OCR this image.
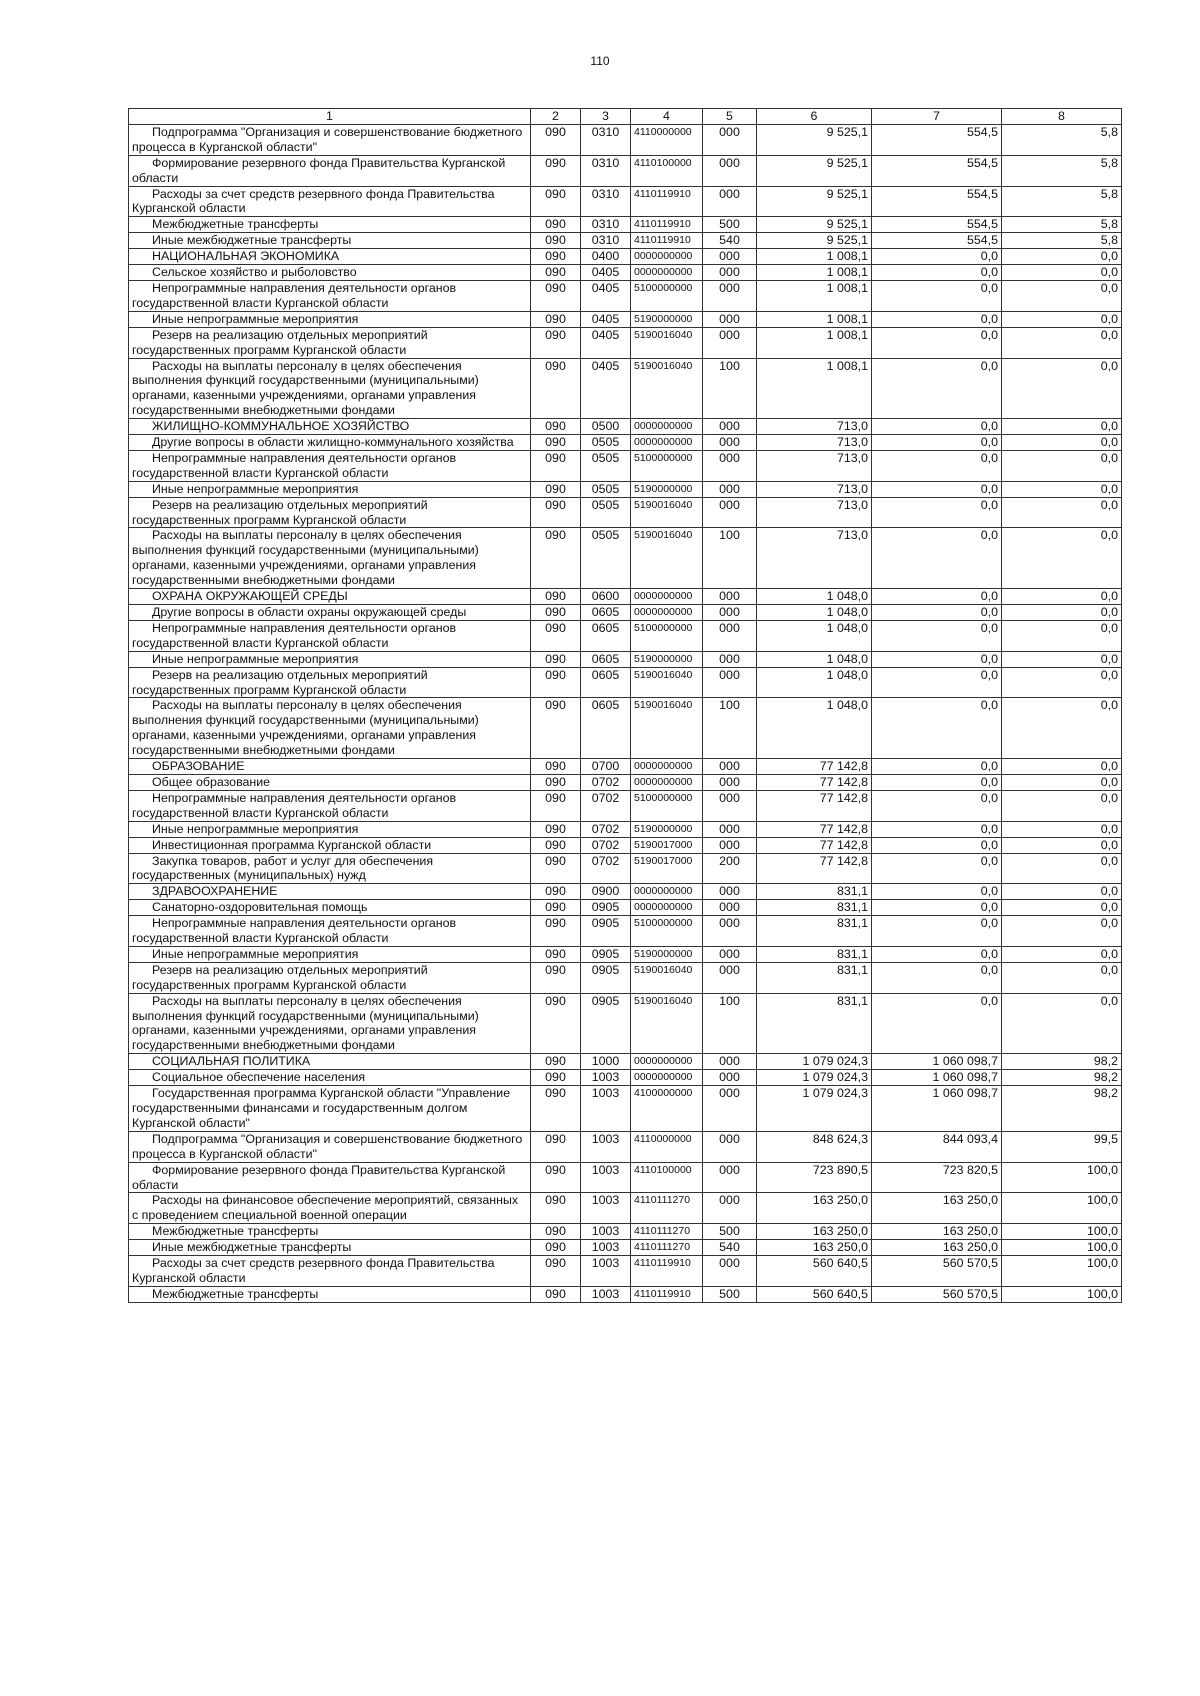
110
1	2	3	4	5	6	7	8
Подпрограмма "Организация и совершенствование бюджетного процесса в Курганской области"	090	0310	4110000000	000	9 525,1	554,5	5,8
Формирование резервного фонда Правительства Курганской области	090	0310	4110100000	000	9 525,1	554,5	5,8
Расходы за счет средств резервного фонда Правительства Курганской области	090	0310	4110119910	000	9 525,1	554,5	5,8
Межбюджетные трансферты	090	0310	4110119910	500	9 525,1	554,5	5,8
Иные межбюджетные трансферты	090	0310	4110119910	540	9 525,1	554,5	5,8
НАЦИОНАЛЬНАЯ ЭКОНОМИКА	090	0400	0000000000	000	1 008,1	0,0	0,0
Сельское хозяйство и рыболовство	090	0405	0000000000	000	1 008,1	0,0	0,0
Непрограммные направления деятельности органов государственной власти Курганской области	090	0405	5100000000	000	1 008,1	0,0	0,0
Иные непрограммные мероприятия	090	0405	5190000000	000	1 008,1	0,0	0,0
Резерв на реализацию отдельных мероприятий государственных программ Курганской области	090	0405	5190016040	000	1 008,1	0,0	0,0
Расходы на выплаты персоналу в целях обеспечения выполнения функций государственными (муниципальными) органами, казенными учреждениями, органами управления государственными внебюджетными фондами	090	0405	5190016040	100	1 008,1	0,0	0,0
ЖИЛИЩНО-КОММУНАЛЬНОЕ ХОЗЯЙСТВО	090	0500	0000000000	000	713,0	0,0	0,0
Другие вопросы в области жилищно-коммунального хозяйства	090	0505	0000000000	000	713,0	0,0	0,0
Непрограммные направления деятельности органов государственной власти Курганской области	090	0505	5100000000	000	713,0	0,0	0,0
Иные непрограммные мероприятия	090	0505	5190000000	000	713,0	0,0	0,0
Резерв на реализацию отдельных мероприятий государственных программ Курганской области	090	0505	5190016040	000	713,0	0,0	0,0
Расходы на выплаты персоналу в целях обеспечения выполнения функций государственными (муниципальными) органами, казенными учреждениями, органами управления государственными внебюджетными фондами	090	0505	5190016040	100	713,0	0,0	0,0
ОХРАНА ОКРУЖАЮЩЕЙ СРЕДЫ	090	0600	0000000000	000	1 048,0	0,0	0,0
Другие вопросы в области охраны окружающей среды	090	0605	0000000000	000	1 048,0	0,0	0,0
Непрограммные направления деятельности органов государственной власти Курганской области	090	0605	5100000000	000	1 048,0	0,0	0,0
Иные непрограммные мероприятия	090	0605	5190000000	000	1 048,0	0,0	0,0
Резерв на реализацию отдельных мероприятий государственных программ Курганской области	090	0605	5190016040	000	1 048,0	0,0	0,0
Расходы на выплаты персоналу в целях обеспечения выполнения функций государственными (муниципальными) органами, казенными учреждениями, органами управления государственными внебюджетными фондами	090	0605	5190016040	100	1 048,0	0,0	0,0
ОБРАЗОВАНИЕ	090	0700	0000000000	000	77 142,8	0,0	0,0
Общее образование	090	0702	0000000000	000	77 142,8	0,0	0,0
Непрограммные направления деятельности органов государственной власти Курганской области	090	0702	5100000000	000	77 142,8	0,0	0,0
Иные непрограммные мероприятия	090	0702	5190000000	000	77 142,8	0,0	0,0
Инвестиционная программа Курганской области	090	0702	5190017000	000	77 142,8	0,0	0,0
Закупка товаров, работ и услуг для обеспечения государственных (муниципальных) нужд	090	0702	5190017000	200	77 142,8	0,0	0,0
ЗДРАВООХРАНЕНИЕ	090	0900	0000000000	000	831,1	0,0	0,0
Санаторно-оздоровительная помощь	090	0905	0000000000	000	831,1	0,0	0,0
Непрограммные направления деятельности органов государственной власти Курганской области	090	0905	5100000000	000	831,1	0,0	0,0
Иные непрограммные мероприятия	090	0905	5190000000	000	831,1	0,0	0,0
Резерв на реализацию отдельных мероприятий государственных программ Курганской области	090	0905	5190016040	000	831,1	0,0	0,0
Расходы на выплаты персоналу в целях обеспечения выполнения функций государственными (муниципальными) органами, казенными учреждениями, органами управления государственными внебюджетными фондами	090	0905	5190016040	100	831,1	0,0	0,0
СОЦИАЛЬНАЯ ПОЛИТИКА	090	1000	0000000000	000	1 079 024,3	1 060 098,7	98,2
Социальное обеспечение населения	090	1003	0000000000	000	1 079 024,3	1 060 098,7	98,2
Государственная программа Курганской области "Управление государственными финансами и государственным долгом Курганской области"	090	1003	4100000000	000	1 079 024,3	1 060 098,7	98,2
Подпрограмма "Организация и совершенствование бюджетного процесса в Курганской области"	090	1003	4110000000	000	848 624,3	844 093,4	99,5
Формирование резервного фонда Правительства Курганской области	090	1003	4110100000	000	723 890,5	723 820,5	100,0
Расходы на финансовое обеспечение мероприятий, связанных с проведением специальной военной операции	090	1003	4110111270	000	163 250,0	163 250,0	100,0
Межбюджетные трансферты	090	1003	4110111270	500	163 250,0	163 250,0	100,0
Иные межбюджетные трансферты	090	1003	4110111270	540	163 250,0	163 250,0	100,0
Расходы за счет средств резервного фонда Правительства Курганской области	090	1003	4110119910	000	560 640,5	560 570,5	100,0
Межбюджетные трансферты	090	1003	4110119910	500	560 640,5	560 570,5	100,0
